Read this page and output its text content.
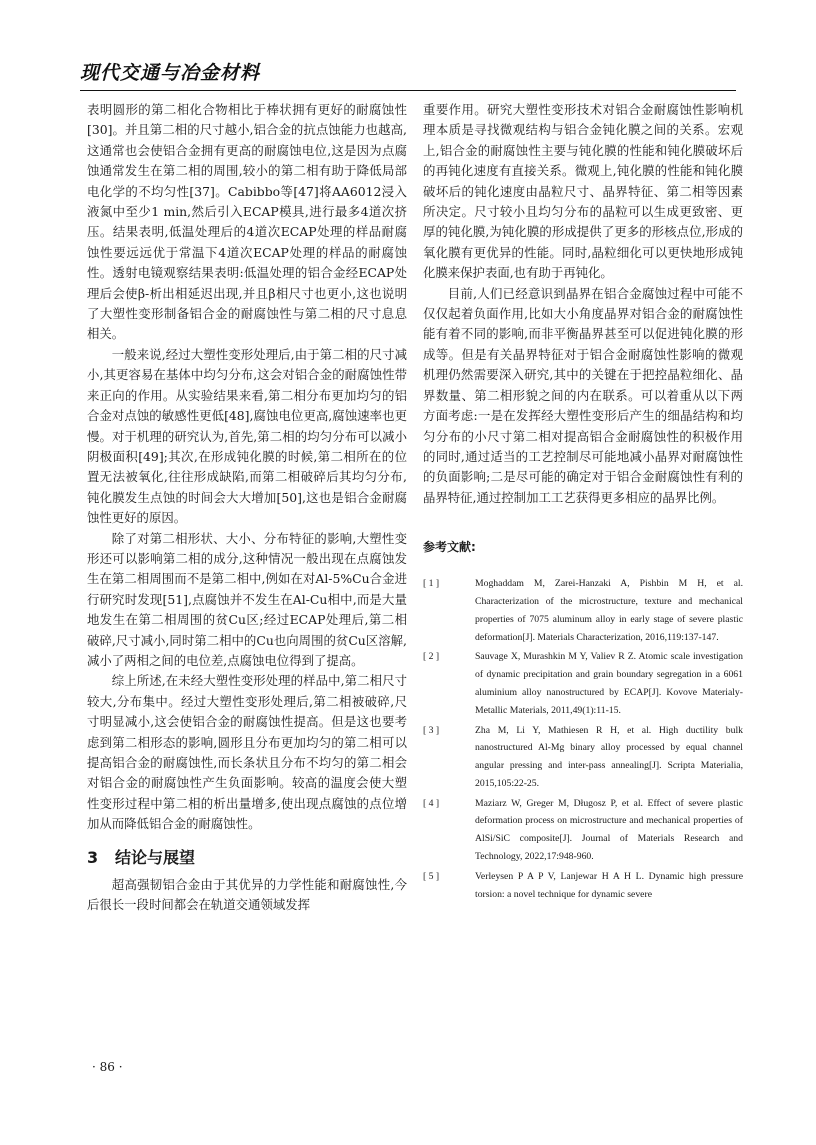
现代交通与冶金材料

表明圆形的第二相化合物相比于棒状拥有更好的耐腐蚀性[30]。并且第二相的尺寸越小,铝合金的抗点蚀能力也越高,这通常也会使铝合金拥有更高的耐腐蚀电位,这是因为点腐蚀通常发生在第二相的周围,较小的第二相有助于降低局部电化学的不均匀性[37]。Cabibbo等[47]将AA6012浸入液氮中至少1 min,然后引入ECAP模具,进行最多4道次挤压。结果表明,低温处理后的4道次ECAP处理的样品耐腐蚀性要远远优于常温下4道次ECAP处理的样品的耐腐蚀性。透射电镜观察结果表明:低温处理的铝合金经ECAP处理后会使β-析出相延迟出现,并且β相尺寸也更小,这也说明了大塑性变形制备铝合金的耐腐蚀性与第二相的尺寸息息相关。

一般来说,经过大塑性变形处理后,由于第二相的尺寸减小,其更容易在基体中均匀分布,这会对铝合金的耐腐蚀性带来正向的作用。从实验结果来看,第二相分布更加均匀的铝合金对点蚀的敏感性更低[48],腐蚀电位更高,腐蚀速率也更慢。对于机理的研究认为,首先,第二相的均匀分布可以减小阴极面积[49];其次,在形成钝化膜的时候,第二相所在的位置无法被氧化,往往形成缺陷,而第二相破碎后其均匀分布,钝化膜发生点蚀的时间会大大增加[50],这也是铝合金耐腐蚀性更好的原因。

除了对第二相形状、大小、分布特征的影响,大塑性变形还可以影响第二相的成分,这种情况一般出现在点腐蚀发生在第二相周围而不是第二相中,例如在对Al-5%Cu合金进行研究时发现[51],点腐蚀并不发生在Al-Cu相中,而是大量地发生在第二相周围的贫Cu区;经过ECAP处理后,第二相破碎,尺寸减小,同时第二相中的Cu也向周围的贫Cu区溶解,减小了两相之间的电位差,点腐蚀电位得到了提高。

综上所述,在未经大塑性变形处理的样品中,第二相尺寸较大,分布集中。经过大塑性变形处理后,第二相被破碎,尺寸明显减小,这会使铝合金的耐腐蚀性提高。但是这也要考虑到第二相形态的影响,圆形且分布更加均匀的第二相可以提高铝合金的耐腐蚀性,而长条状且分布不均匀的第二相会对铝合金的耐腐蚀性产生负面影响。较高的温度会使大塑性变形过程中第二相的析出量增多,使出现点腐蚀的点位增加从而降低铝合金的耐腐蚀性。

3 结论与展望

超高强韧铝合金由于其优异的力学性能和耐腐蚀性,今后很长一段时间都会在轨道交通领域发挥

重要作用。研究大塑性变形技术对铝合金耐腐蚀性影响机理本质是寻找微观结构与铝合金钝化膜之间的关系。宏观上,铝合金的耐腐蚀性主要与钝化膜的性能和钝化膜破坏后的再钝化速度有直接关系。微观上,钝化膜的性能和钝化膜破坏后的钝化速度由晶粒尺寸、晶界特征、第二相等因素所决定。尺寸较小且均匀分布的晶粒可以生成更致密、更厚的钝化膜,为钝化膜的形成提供了更多的形核点位,形成的氧化膜有更优异的性能。同时,晶粒细化可以更快地形成钝化膜来保护表面,也有助于再钝化。

目前,人们已经意识到晶界在铝合金腐蚀过程中可能不仅仅起着负面作用,比如大小角度晶界对铝合金的耐腐蚀性能有着不同的影响,而非平衡晶界甚至可以促进钝化膜的形成等。但是有关晶界特征对于铝合金耐腐蚀性影响的微观机理仍然需要深入研究,其中的关键在于把控晶粒细化、晶界数量、第二相形貌之间的内在联系。可以着重从以下两方面考虑:一是在发挥经大塑性变形后产生的细晶结构和均匀分布的小尺寸第二相对提高铝合金耐腐蚀性的积极作用的同时,通过适当的工艺控制尽可能地减小晶界对耐腐蚀性的负面影响;二是尽可能的确定对于铝合金耐腐蚀性有利的晶界特征,通过控制加工工艺获得更多相应的晶界比例。

参考文献:
[ 1 ]	Moghaddam M, Zarei-Hanzaki A, Pishbin M H, et al. Characterization of the microstructure, texture and mechanical properties of 7075 aluminum alloy in early stage of severe plastic deformation[J]. Materials Characterization, 2016,119:137-147.
[ 2 ]	Sauvage X, Murashkin M Y, Valiev R Z. Atomic scale investigation of dynamic precipitation and grain boundary segregation in a 6061 aluminium alloy nanostructured by ECAP[J]. Kovove Materialy-Metallic Materials, 2011,49(1):11-15.
[ 3 ]	Zha M, Li Y, Mathiesen R H, et al. High ductility bulk nanostructured Al-Mg binary alloy processed by equal channel angular pressing and inter-pass annealing[J]. Scripta Materialia, 2015,105:22-25.
[ 4 ]	Maziarz W, Greger M, Długosz P, et al. Effect of severe plastic deformation process on microstructure and mechanical properties of AlSi/SiC composite[J]. Journal of Materials Research and Technology, 2022,17:948-960.
[ 5 ]	Verleysen P A P V, Lanjewar H A H L. Dynamic high pressure torsion: a novel technique for dynamic severe
· 86 ·
